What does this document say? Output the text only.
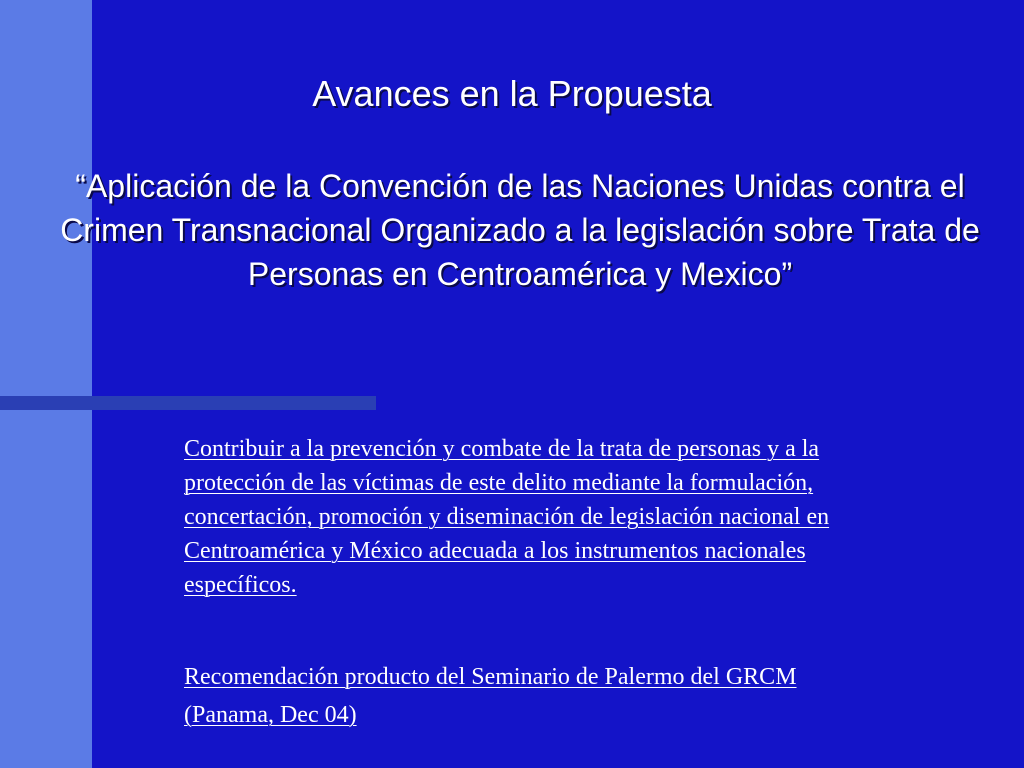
Avances en la Propuesta
“Aplicación de la Convención de las Naciones Unidas contra el Crimen Transnacional Organizado a la legislación sobre Trata de Personas en Centroamérica y Mexico”
Contribuir a la prevención y combate de la trata de personas y a la protección de las víctimas de este delito mediante la formulación, concertación, promoción y diseminación de legislación nacional en Centroamérica y México adecuada a los instrumentos nacionales específicos.
Recomendación producto del Seminario de Palermo del GRCM (Panama, Dec 04)
